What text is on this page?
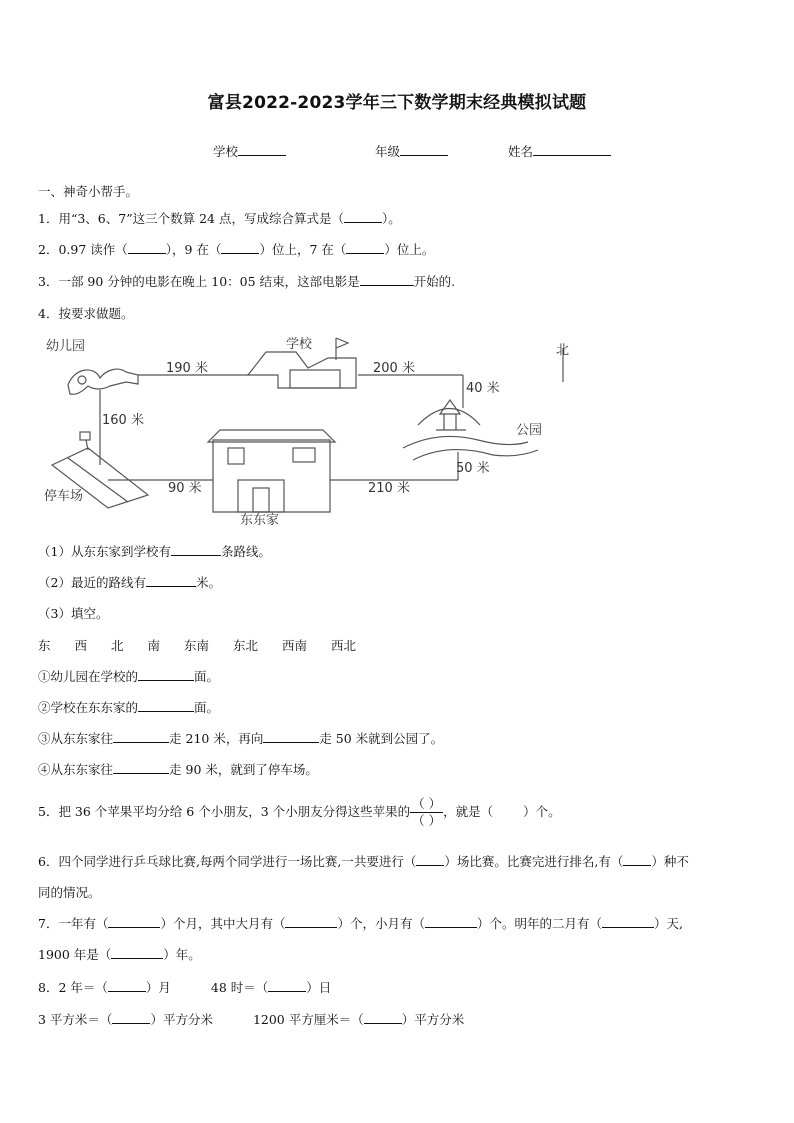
富县2022-2023学年三下数学期末经典模拟试题
学校	年级	姓名
一、神奇小帮手。
1．用“3、6、7”这三个数算 24 点，写成综合算式是（	）。
2．0.97 读作（	），9 在（	）位上，7 在（	）位上。
3．一部 90 分钟的电影在晚上 10：05 结束，这部电影是	开始的.
4．按要求做题。
幼儿园
190 米
学校
200 米
北
40 米
160 米
公园
50 米
90 米	210 米
停车场
东东家
（1）从东东家到学校有	条路线。
（2）最近的路线有	米。
（3）填空。
东 西 北 南 东南 东北 西南 西北
①幼儿园在学校的	面。
②学校在东东家的	面。
③从东东家往	走 210 米，再向	走 50 米就到公园了。
④从东东家往	走 90 米，就到了停车场。
5．把 36 个苹果平均分给 6 个小朋友，3 个小朋友分得这些苹果的 $\frac{( )}{( )}$ ，就是（ ）个。
6．四个同学进行乒乓球比赛,每两个同学进行一场比赛,一共要进行（ ）场比赛。比赛完进行排名,有（ ）种不
同的情况。
7．一年有（	）个月，其中大月有（	）个，小月有（	）个。明年的二月有（	）天,
1900 年是（	）年。
8．2 年＝（	）月	48 时＝（	）日
3 平方米＝（	）平方分米	1200 平方厘米＝（	）平方分米
